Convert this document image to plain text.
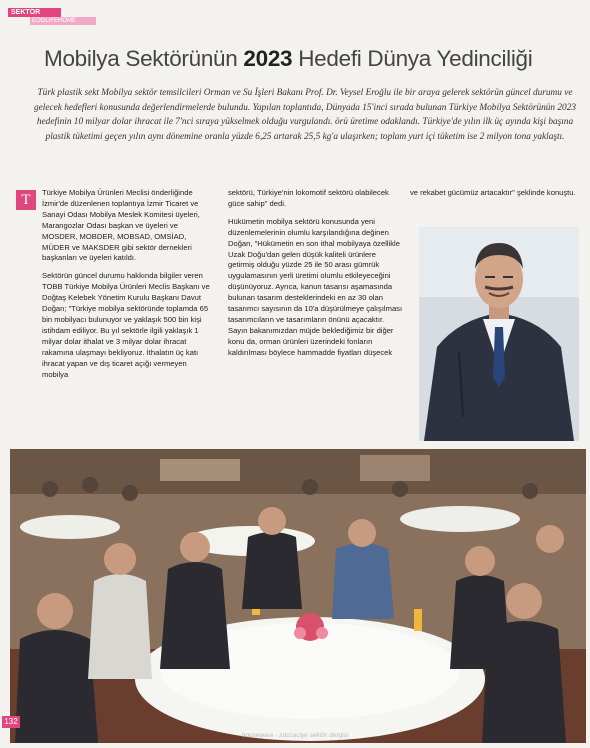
SEKTÖR
EOOLIFEHOME
Mobilya Sektörünün 2023 Hedefi Dünya Yedinciliği
Türk plastik sekt Mobilya sektör temsilcileri Orman ve Su İşleri Bakanı Prof. Dr. Veysel Eroğlu ile bir araya gelerek sektörün güncel durumu ve gelecek hedefleri konusunda değerlendirmelerde bulundu. Yapılan toplantıda, Dünyada 15'inci sırada bulunan Türkiye Mobilya Sektörünün 2023 hedefinin 10 milyar dolar ihracat ile 7'nci sıraya yükselmek olduğu vurgulandı. örü üretime odaklandı. Türkiye'de yılın ilk üç ayında kişi başına plastik tüketimi geçen yılın aynı dönemine oranla yüzde 6,25 artarak 25,5 kg'a ulaşırken; toplam yurt içi tüketim ise 2 milyon tona yaklaştı.
T	Türkiye Mobilya Ürünleri Meclisi önderliğinde İzmir'de düzenlenen toplantıya İzmir Ticaret ve Sanayi Odası Mobilya Meslek Komitesi üyeleri, Marangozlar Odası başkan ve üyeleri ve MOSDER, MOBDER, MOBSAD, OMSİAD, MÜDER ve MAKSDER gibi sektör dernekleri başkanları ve üyeleri katıldı.

Sektörün güncel durumu hakkında bilgiler veren TOBB Türkiye Mobilya Ürünleri Meclis Başkanı ve Doğtaş Kelebek Yönetim Kurulu Başkanı Davut Doğan; "Türkiye mobilya sektöründe toplamda 65 bin mobilyacı bulunuyor ve yaklaşık 500 bin kişi istihdam ediliyor. Bu yıl sektörle ilgili yaklaşık 1 milyar dolar ithalat ve 3 milyar dolar ihracat rakamına ulaşmayı bekliyoruz. İthalatın üç katı ihracat yapan ve dış ticaret açığı vermeyen mobilya

sektörü, Türkiye'nin lokomotif sektörü olabilecek güce sahip" dedi.

Hükümetin mobilya sektörü konusunda yeni düzenlemelerinin olumlu karşılandığına değinen Doğan, "Hükümetin en son ithal mobilyaya özellikle Uzak Doğu'dan gelen düşük kaliteli ürünlere getirmiş olduğu yüzde 25 ile 50 arası gümrük uygulamasının yerli üretimi olumlu etkileyeceğini düşünüyoruz. Ayrıca, kanun tasarısı aşamasında bulunan tasarım desteklerindeki en az 30 olan tasarımcı sayısının da 10'a düşürülmeye çalışılması tasarımcıların ve tasarımların önünü açacaktır. Sayın bakanımızdan müjde beklediğimiz bir diğer konu da, orman ürünleri üzerindeki fonların kaldırılması böylece hammadde fiyatları düşecek

ve rekabet gücümüz artacaktır" şeklinde konuştu.

132
houseware - züccaciye sektör dergisi
